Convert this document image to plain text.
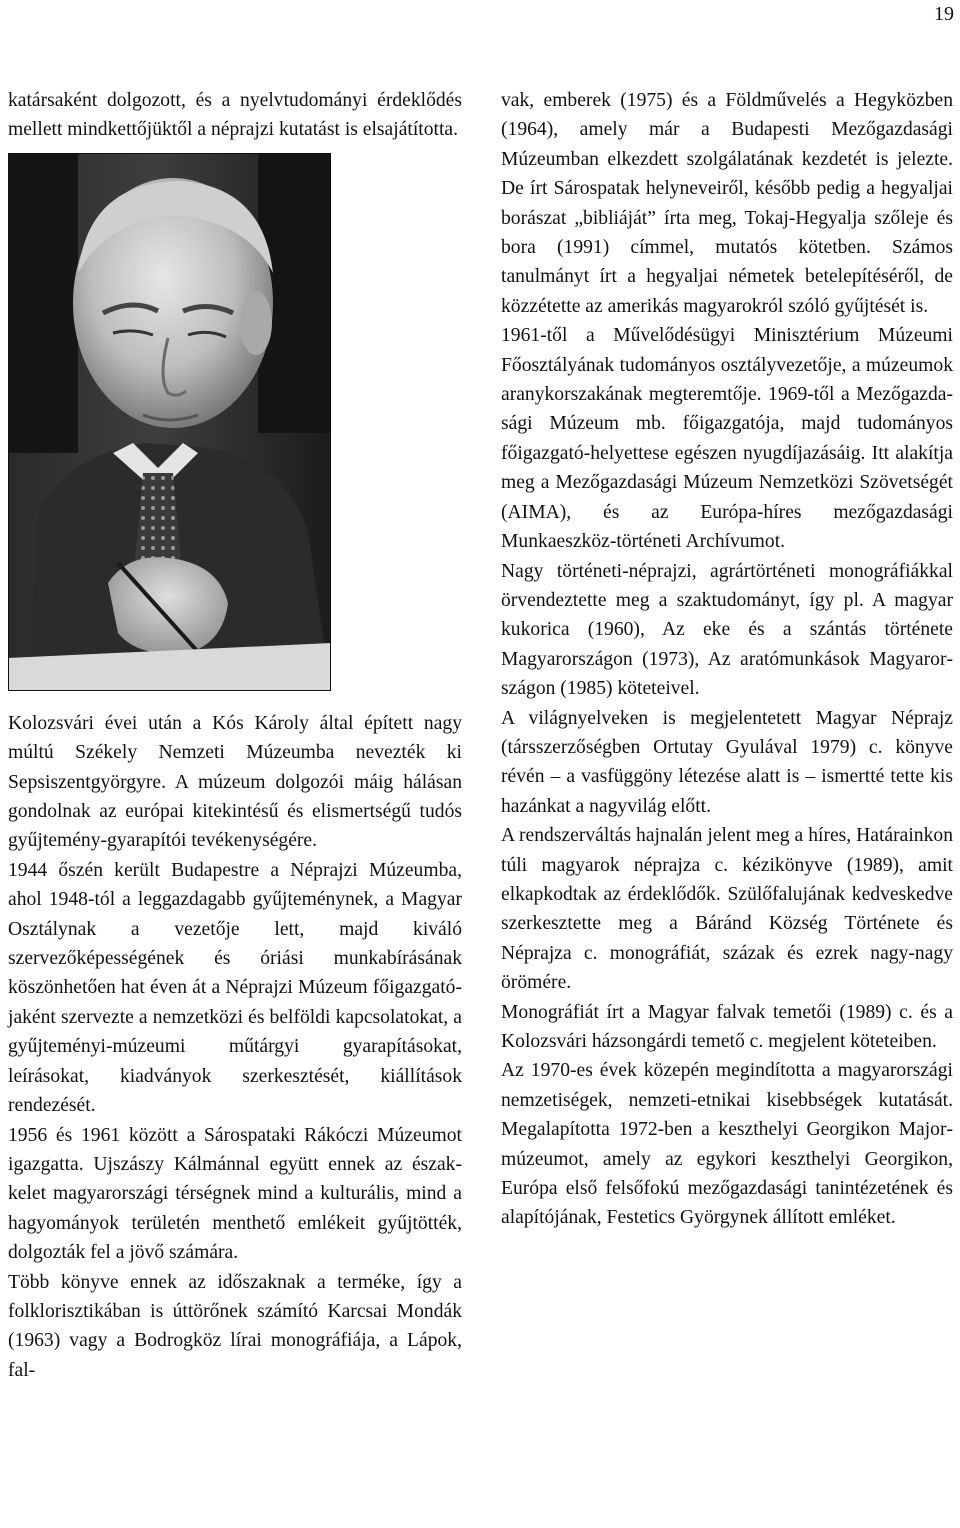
19

katársaként dolgozott, és a nyelvtudományi érdeklődés mellett mindkettőjüktől a néprajzi kutatást is elsajátította.

Kolozsvári évei után a Kós Károly által épített nagy múltú Székely Nemzeti Múzeumba nevezték ki Sepsiszentgyörgyre. A múzeum dolgozói máig hálásan gondolnak az európai kitekintésű és elismertségű tudós gyűjtemény-gyarapítói tevékenységére.

1944 őszén került Budapestre a Néprajzi Múzeumba, ahol 1948-tól a leggazdagabb gyűjteménynek, a Magyar Osztálynak a vezetője lett, majd kiváló szervezőképességének és óriási munkabírásának köszönhetően hat éven át a Néprajzi Múzeum főigazgatójaként szervezte a nemzetközi és belföldi kapcsolatokat, a gyűjteményi-múzeumi műtárgyi gyarapításokat, leírásokat, kiadványok szerkesztését, kiállítások rendezését.

1956 és 1961 között a Sárospataki Rákóczi Múzeumot igazgatta. Ujszászy Kálmánnal együtt ennek az észak-kelet magyarországi térségnek mind a kulturális, mind a hagyományok területén menthető emlékeit gyűjtötték, dolgozták fel a jövő számára.

Több könyve ennek az időszaknak a terméke, így a folklorisztikában is úttörőnek számító Karcsai Mondák (1963) vagy a Bodrogköz lírai monográfiája, a Lápok, fal-

vak, emberek (1975) és a Földművelés a Hegyközben (1964), amely már a Budapesti Mezőgazdasági Múzeumban elkezdett szolgálatának kezdetét is jelezte. De írt Sárospatak helyneveiről, később pedig a hegyaljai borászat „bibliáját” írta meg, Tokaj-Hegyalja szőleje és bora (1991) címmel, mutatós kötetben. Számos tanulmányt írt a hegyaljai németek betelepítéséről, de közzétette az amerikás magyarokról szóló gyűjtését is.

1961-től a Művelődésügyi Minisztérium Múzeumi Főosztályának tudományos osztályvezetője, a múzeumok aranykorszakának megteremtője. 1969-től a Mezőgazdasági Múzeum mb. főigazgatója, majd tudományos főigazgató-helyettese egészen nyugdíjazásáig. Itt alakítja meg a Mezőgazdasági Múzeum Nemzetközi Szövetségét (AIMA), és az Európa-híres mezőgazdasági Munkaeszköz-történeti Archívumot.

Nagy történeti-néprajzi, agrártörténeti monográfiákkal örvendeztette meg a szaktudományt, így pl. A magyar kukorica (1960), Az eke és a szántás története Magyarországon (1973), Az aratómunkások Magyarországon (1985) köteteivel.

A világnyelveken is megjelentetett Magyar Néprajz (társszerzőségben Ortutay Gyulával 1979) c. könyve révén – a vasfüggöny létezése alatt is – ismertté tette kis hazánkat a nagyvilág előtt.

A rendszerváltás hajnalán jelent meg a híres, Határainkon túli magyarok néprajza c. kézikönyve (1989), amit elkapkodtak az érdeklődők. Szülőfalujának kedveskedve szerkesztette meg a Báránd Község Története és Néprajza c. monográfiát, százak és ezrek nagy-nagy örömére.

Monográfiát írt a Magyar falvak temetői (1989) c. és a Kolozsvári házsongárdi temető c. megjelent köteteiben.

Az 1970-es évek közepén megindította a magyarországi nemzetiségek, nemzeti-etnikai kisebbségek kutatását. Megalapította 1972-ben a keszthelyi Georgikon Majormúzeumot, amely az egykori keszthelyi Georgikon, Európa első felsőfokú mezőgazdasági tanintézetének és alapítójának, Festetics Györgynek állított emléket.
